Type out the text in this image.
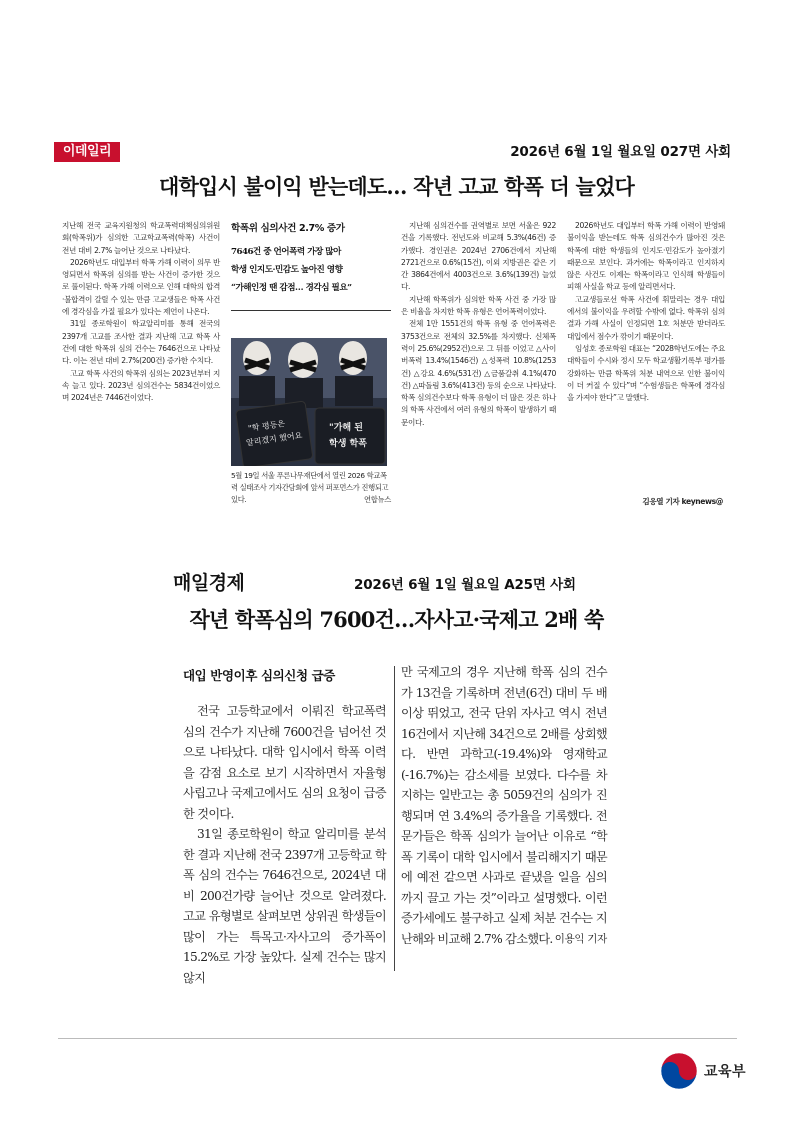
이데일리	2026년 6월 1일 월요일 027면 사회
대학입시 불이익 받는데도… 작년 고교 학폭 더 늘었다

지난해 전국 교육지원청의 학교폭력대책심의위원회(학폭위)가 심의한 고교학교폭력(학폭) 사건이 전년 대비 2.7% 늘어난 것으로 나타났다.

2026학년도 대입부터 학폭 가해 이력이 의무 반영되면서 학폭위 심의를 받는 사건이 증가한 것으로 풀이된다. 학폭 가해 이력으로 인해 대학의 합격·불합격이 갈릴 수 있는 만큼 고교생들은 학폭 사건에 경각심을 가질 필요가 있다는 제언이 나온다.

31일 종로학원이 학교알리미를 통해 전국의 2397개 고교를 조사한 결과 지난해 고교 학폭 사건에 대한 학폭위 심의 건수는 7646건으로 나타났다. 이는 전년 대비 2.7%(200건) 증가한 수치다.

고교 학폭 사건의 학폭위 심의는 2023년부터 지속 늘고 있다. 2023년 심의건수는 5834건이었으며 2024년은 7446건이었다.

학폭위 심의사건 2.7% 증가

7646건 중 언어폭력 가장 많아

학생 인지도·민감도 높아진 영향

“가해인정 땐 감점… 경각심 필요”

"학 평등은
알리겠지 했어요
"가해 된
학생 학폭

5월 19일 서울 푸른나무재단에서 열린 2026 학교폭력 실태조사 기자간담회에 앞서 퍼포먼스가 진행되고 있다.	연합뉴스

지난해 심의건수를 권역별로 보면 서울은 922건을 기록했다. 전년도와 비교해 5.3%(46건) 증가했다. 경인권은 2024년 2706건에서 지난해 2721건으로 0.6%(15건), 이외 지방권은 같은 기간 3864건에서 4003건으로 3.6%(139건) 늘었다.

지난해 학폭위가 심의한 학폭 사건 중 가장 많은 비율을 차지한 학폭 유형은 언어폭력이었다.

전체 1만 1551건의 학폭 유형 중 언어폭력은 3753건으로 전체의 32.5%를 차지했다. 신체폭력이 25.6%(2952건)으로 그 뒤를 이었고 △사이버폭력 13.4%(1546건) △성폭력 10.8%(1253건) △강요 4.6%(531건) △금품갈취 4.1%(470건) △따돌림 3.6%(413건) 등의 순으로 나타났다. 학폭 심의건수보다 학폭 유형이 더 많은 것은 하나의 학폭 사건에서 여러 유형의 학폭이 발생하기 때문이다.

2026학년도 대입부터 학폭 가해 이력이 반영돼 불이익을 받는데도 학폭 심의건수가 많아진 것은 학폭에 대한 학생들의 인지도·민감도가 높아졌기 때문으로 보인다. 과거에는 학폭이라고 인지하지 않은 사건도 이제는 학폭이라고 인식해 학생들이 피해 사실을 학교 등에 알리면서다.

고교생들로선 학폭 사건에 휘말리는 경우 대입에서의 불이익을 우려할 수밖에 없다. 학폭위 심의 결과 가해 사실이 인정되면 1호 처분만 받더라도 대입에서 점수가 깎이기 때문이다.

임성호 종로학원 대표는 “2028학년도에는 주요 대학들이 수시와 정시 모두 학교생활기록부 평가를 강화하는 만큼 학폭위 처분 내역으로 인한 불이익이 더 커질 수 있다”며 “수험생들은 학폭에 경각심을 가져야 한다”고 말했다.

김응열 기자 keynews@
매일경제	2026년 6월 1일 월요일 A25면 사회
작년 학폭심의 7600건…자사고·국제고 2배 쑥
대입 반영이후 심의신청 급증

전국 고등학교에서 이뤄진 학교폭력 심의 건수가 지난해 7600건을 넘어선 것으로 나타났다. 대학 입시에서 학폭 이력을 감점 요소로 보기 시작하면서 자율형사립고나 국제고에서도 심의 요청이 급증한 것이다.

31일 종로학원이 학교 알리미를 분석한 결과 지난해 전국 2397개 고등학교 학폭 심의 건수는 7646건으로, 2024년 대비 200건가량 늘어난 것으로 알려졌다. 고교 유형별로 살펴보면 상위권 학생들이 많이 가는 특목고·자사고의 증가폭이 15.2%로 가장 높았다. 실제 건수는 많지 않지

만 국제고의 경우 지난해 학폭 심의 건수가 13건을 기록하며 전년(6건) 대비 두 배 이상 뛰었고, 전국 단위 자사고 역시 전년 16건에서 지난해 34건으로 2배를 상회했다. 반면 과학고(-19.4%)와 영재학교(-16.7%)는 감소세를 보였다. 다수를 차지하는 일반고는 총 5059건의 심의가 진행되며 연 3.4%의 증가율을 기록했다. 전문가들은 학폭 심의가 늘어난 이유로 “학폭 기록이 대학 입시에서 불리해지기 때문에 예전 같으면 사과로 끝냈을 일을 심의까지 끌고 가는 것”이라고 설명했다. 이런 증가세에도 불구하고 실제 처분 건수는 지난해와 비교해 2.7% 감소했다. 이용익 기자

교육부
